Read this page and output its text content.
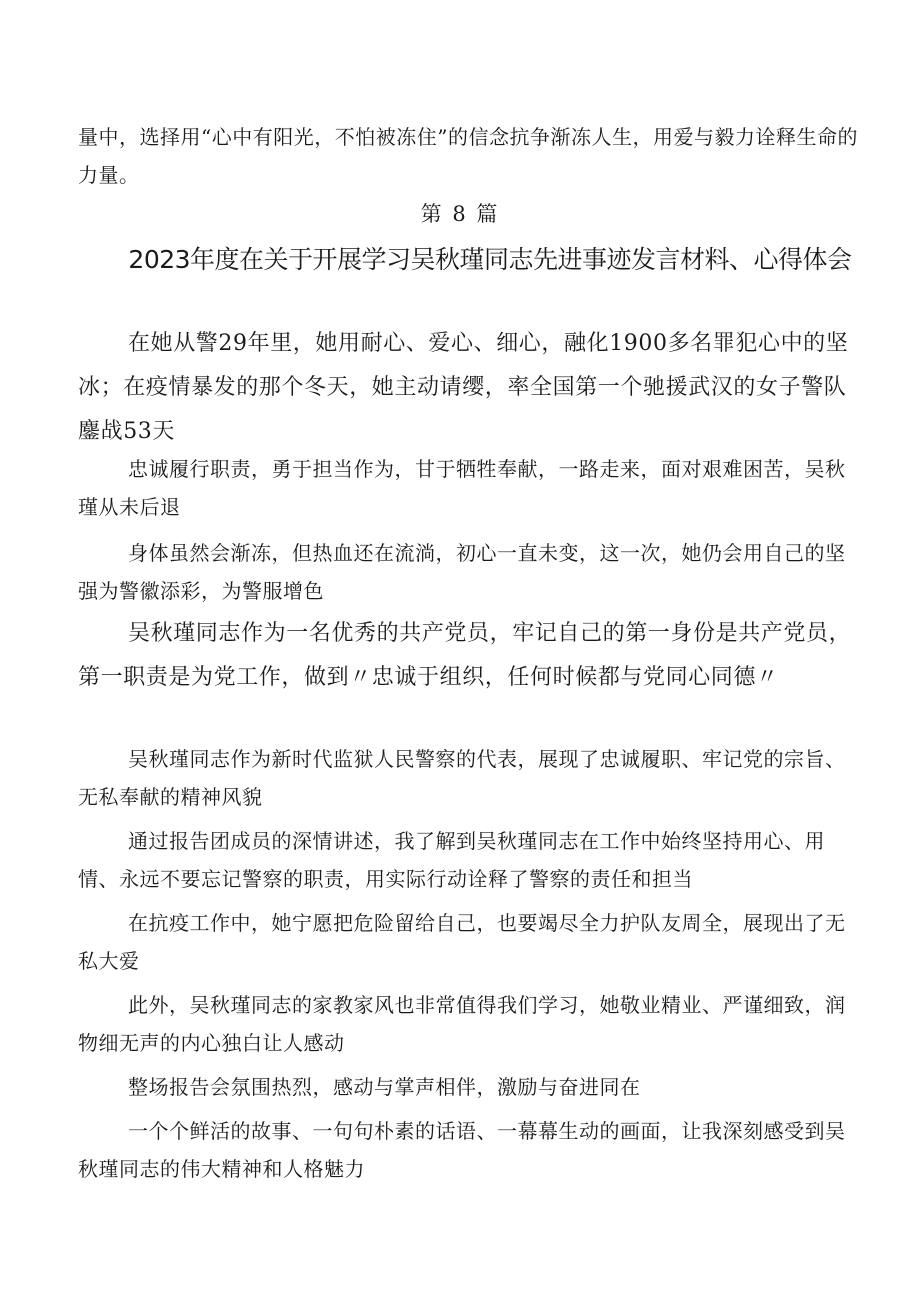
量中，选择用“心中有阳光，不怕被冻住”的信念抗争渐冻人生，用爱与毅力诠释生命的力量。

第 8 篇

2023年度在关于开展学习吴秋瑾同志先进事迹发言材料、心得体会

在她从警29年里，她用耐心、爱心、细心，融化1900多名罪犯心中的坚冰；在疫情暴发的那个冬天，她主动请缨，率全国第一个驰援武汉的女子警队鏖战53天

忠诚履行职责，勇于担当作为，甘于牺牲奉献，一路走来，面对艰难困苦，吴秋瑾从未后退

身体虽然会渐冻，但热血还在流淌，初心一直未变，这一次，她仍会用自己的坚强为警徽添彩，为警服增色

吴秋瑾同志作为一名优秀的共产党员，牢记自己的第一身份是共产党员，第一职责是为党工作，做到〃忠诚于组织，任何时候都与党同心同德〃

吴秋瑾同志作为新时代监狱人民警察的代表，展现了忠诚履职、牢记党的宗旨、无私奉献的精神风貌

通过报告团成员的深情讲述，我了解到吴秋瑾同志在工作中始终坚持用心、用情、永远不要忘记警察的职责，用实际行动诠释了警察的责任和担当

在抗疫工作中，她宁愿把危险留给自己，也要竭尽全力护队友周全，展现出了无私大爱

此外，吴秋瑾同志的家教家风也非常值得我们学习，她敬业精业、严谨细致，润物细无声的内心独白让人感动

整场报告会氛围热烈，感动与掌声相伴，激励与奋进同在

一个个鲜活的故事、一句句朴素的话语、一幕幕生动的画面，让我深刻感受到吴秋瑾同志的伟大精神和人格魅力
